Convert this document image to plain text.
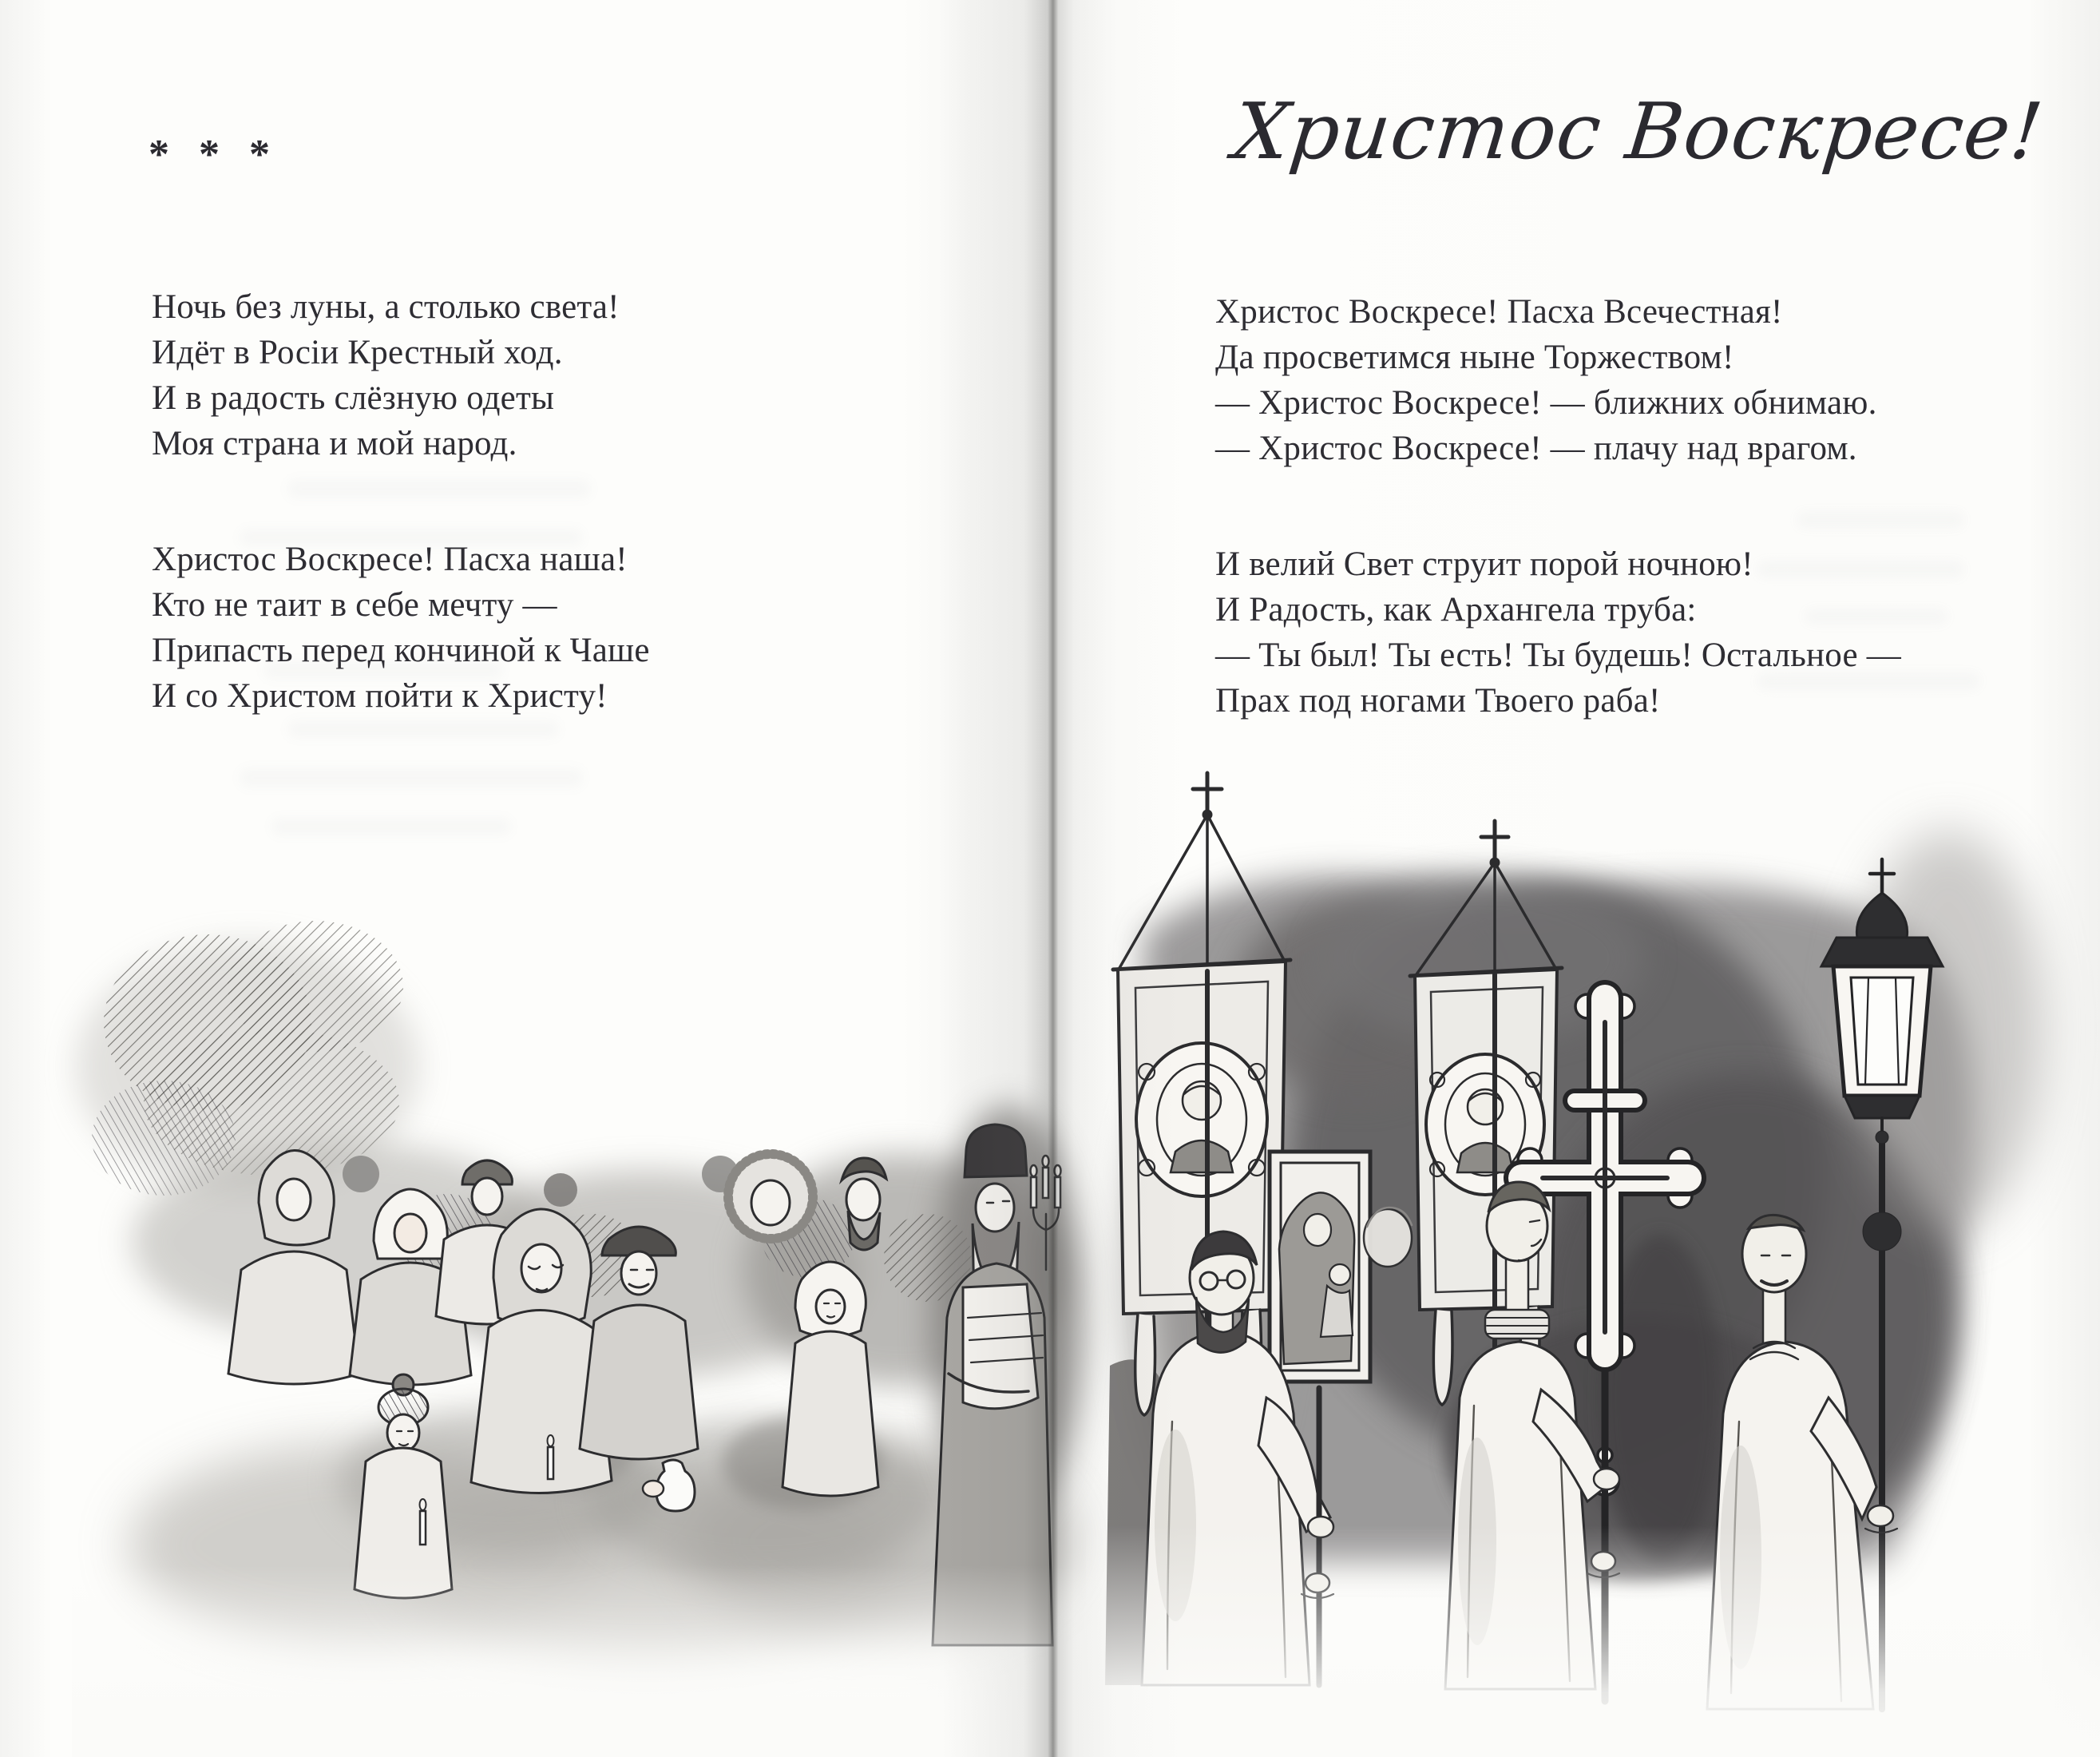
* * *
Ночь без луны, а столько света!
Идёт в Росіи Крестный ход.
И в радость слёзную одеты
Моя страна и мой народ.
Христос Воскресе! Пасха наша!
Кто не таит в себе мечту —
Припасть перед кончиной к Чаше
И со Христом пойти к Христу!
Христос Воскресе!
Христос Воскресе! Пасха Всечестная!
Да просветимся ныне Торжеством!
— Христос Воскресе! — ближних обнимаю.
— Христос Воскресе! — плачу над врагом.
И велий Свет струит порой ночною!
И Радость, как Архангела труба:
— Ты был! Ты есть! Ты будешь! Остальное —
Прах под ногами Твоего раба!
